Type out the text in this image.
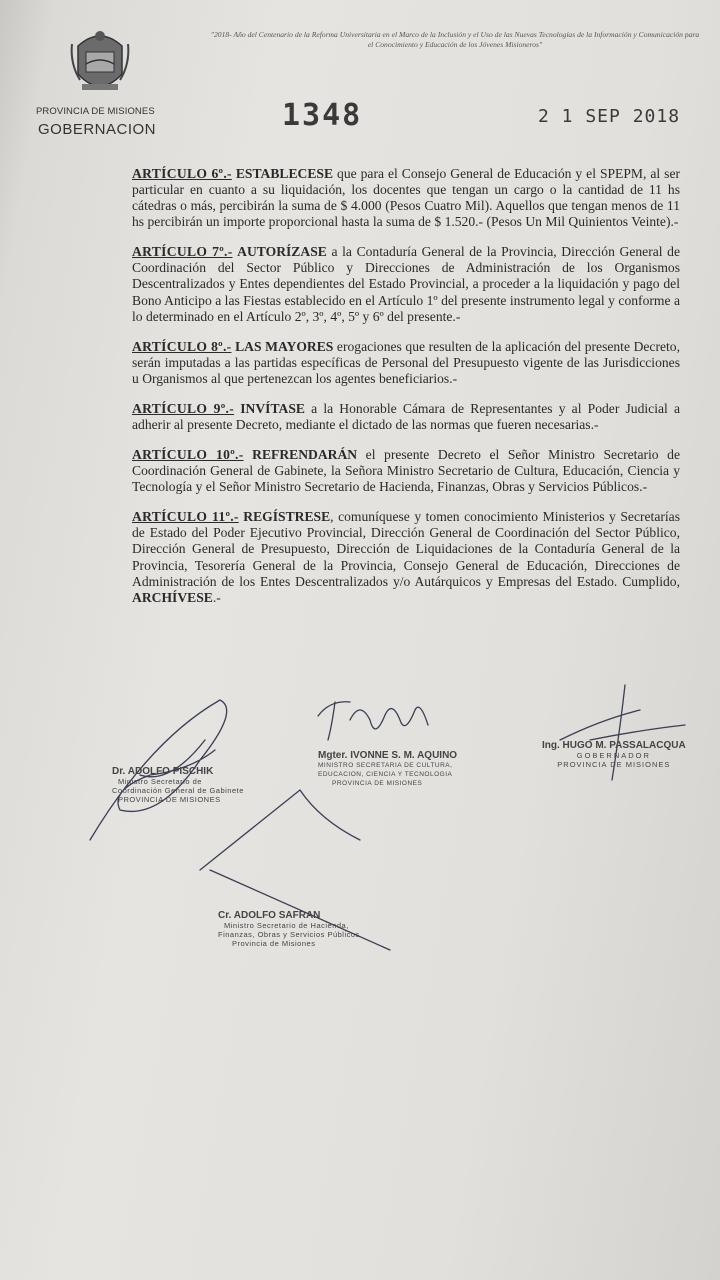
"2018- Año del Centenario de la Reforma Universitaria en el Marco de la Inclusión y el Uso de las Nuevas Tecnologías de la Información y Comunicación para el Conocimiento y Educación de los Jóvenes Misioneros"
PROVINCIA DE MISIONES
GOBERNACION	1348	2 1 SEP 2018

ARTÍCULO 6º.- ESTABLECESE que para el Consejo General de Educación y el SPEPM, al ser particular en cuanto a su liquidación, los docentes que tengan un cargo o la cantidad de 11 hs cátedras o más, percibirán la suma de $ 4.000 (Pesos Cuatro Mil). Aquellos que tengan menos de 11 hs percibirán un importe proporcional hasta la suma de $ 1.520.- (Pesos Un Mil Quinientos Veinte).-

ARTÍCULO 7º.- AUTORÍZASE a la Contaduría General de la Provincia, Dirección General de Coordinación del Sector Público y Direcciones de Administración de los Organismos Descentralizados y Entes dependientes del Estado Provincial, a proceder a la liquidación y pago del Bono Anticipo a las Fiestas establecido en el Artículo 1º del presente instrumento legal y conforme a lo determinado en el Artículo 2º, 3º, 4º, 5º y 6º del presente.-

ARTÍCULO 8º.- LAS MAYORES erogaciones que resulten de la aplicación del presente Decreto, serán imputadas a las partidas específicas de Personal del Presupuesto vigente de las Jurisdicciones u Organismos al que pertenezcan los agentes beneficiarios.-

ARTÍCULO 9º.- INVÍTASE a la Honorable Cámara de Representantes y al Poder Judicial a adherir al presente Decreto, mediante el dictado de las normas que fueren necesarias.-

ARTÍCULO 10º.- REFRENDARÁN el presente Decreto el Señor Ministro Secretario de Coordinación General de Gabinete, la Señora Ministro Secretario de Cultura, Educación, Ciencia y Tecnología y el Señor Ministro Secretario de Hacienda, Finanzas, Obras y Servicios Públicos.-

ARTÍCULO 11º.- REGÍSTRESE, comuníquese y tomen conocimiento Ministerios y Secretarías de Estado del Poder Ejecutivo Provincial, Dirección General de Coordinación del Sector Público, Dirección General de Presupuesto, Dirección de Liquidaciones de la Contaduría General de la Provincia, Tesorería General de la Provincia, Consejo General de Educación, Direcciones de Administración de los Entes Descentralizados y/o Autárquicos y Empresas del Estado. Cumplido, ARCHÍVESE.-

Dr. ADOLFO PISCHIK
Ministro Secretario de
Coordinación General de Gabinete
PROVINCIA DE MISIONES
Mgter. IVONNE S. M. AQUINO
MINISTRO SECRETARIA DE CULTURA,
EDUCACION, CIENCIA Y TECNOLOGIA
PROVINCIA DE MISIONES
Ing. HUGO M. PASSALACQUA
GOBERNADOR
PROVINCIA DE MISIONES
Cr. ADOLFO SAFRAN
Ministro Secretario de Hacienda,
Finanzas, Obras y Servicios Públicos
Provincia de Misiones
